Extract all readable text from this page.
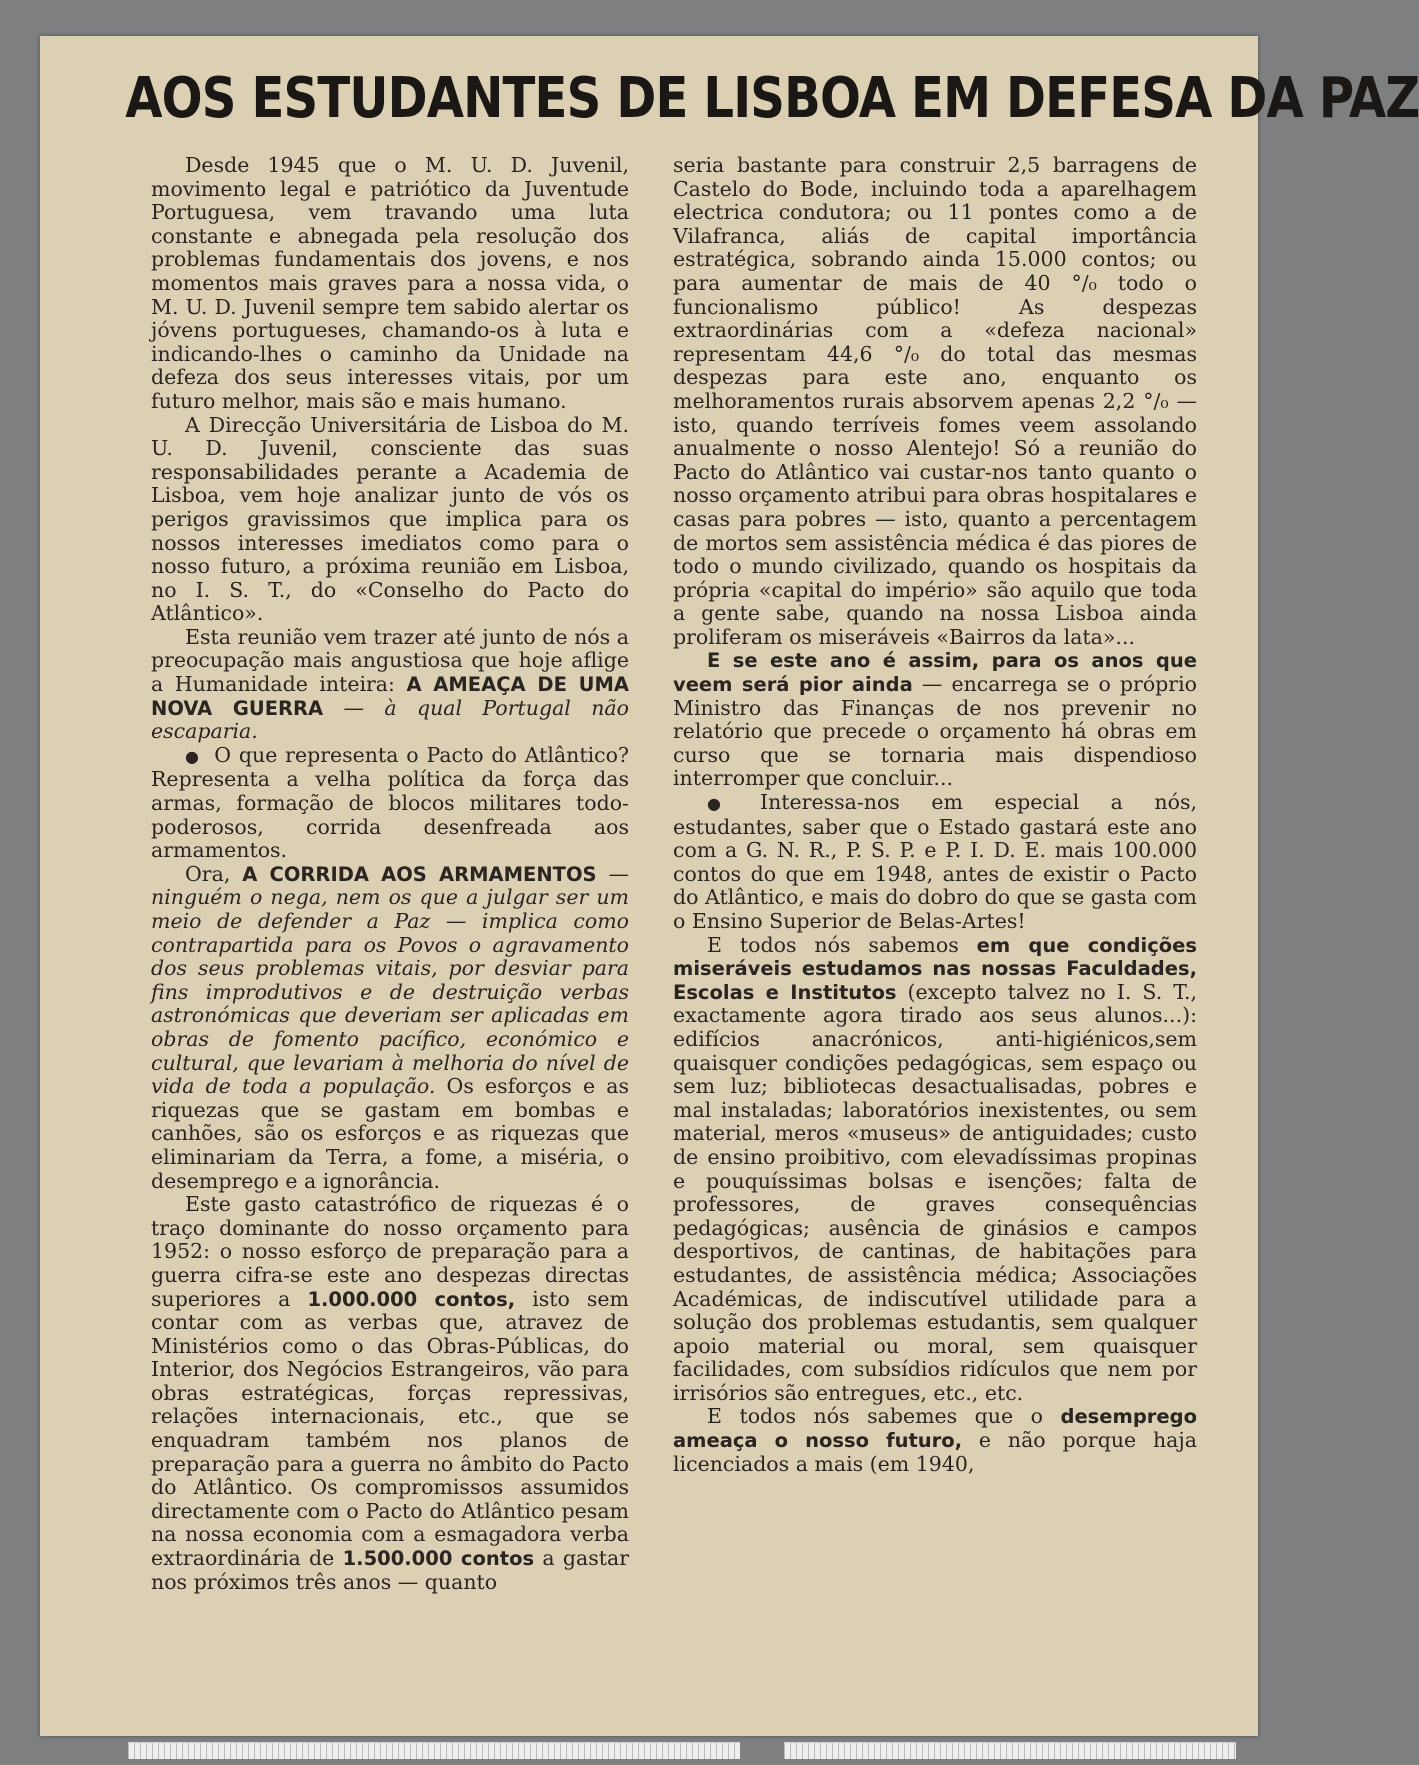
AOS ESTUDANTES DE LISBOA EM DEFESA DA PAZ

Desde 1945 que o M. U. D. Juvenil, movimento legal e patriótico da Juventude Portuguesa, vem travando uma luta constante e abnegada pela resolução dos problemas fundamentais dos jovens, e nos momentos mais graves para a nossa vida, o M. U. D. Juvenil sempre tem sabido alertar os jóvens portugueses, chamando-os à luta e indicando-lhes o caminho da Unidade na defeza dos seus interesses vitais, por um futuro melhor, mais são e mais humano.

A Direcção Universitária de Lisboa do M. U. D. Juvenil, consciente das suas responsabilidades perante a Academia de Lisboa, vem hoje analizar junto de vós os perigos gravissimos que implica para os nossos interesses imediatos como para o nosso futuro, a próxima reunião em Lisboa, no I. S. T., do «Conselho do Pacto do Atlântico».

Esta reunião vem trazer até junto de nós a preocupação mais angustiosa que hoje aflige a Humanidade inteira: A AMEAÇA DE UMA NOVA GUERRA — à qual Portugal não escaparia.

● O que representa o Pacto do Atlântico? Representa a velha política da força das armas, formação de blocos militares todo-poderosos, corrida desenfreada aos armamentos.

Ora, A CORRIDA AOS ARMAMENTOS — ninguém o nega, nem os que a julgar ser um meio de defender a Paz — implica como contrapartida para os Povos o agravamento dos seus problemas vitais, por desviar para fins improdutivos e de destruição verbas astronómicas que deveriam ser aplicadas em obras de fomento pacífico, económico e cultural, que levariam à melhoria do nível de vida de toda a população. Os esforços e as riquezas que se gastam em bombas e canhões, são os esforços e as riquezas que eliminariam da Terra, a fome, a miséria, o desemprego e a ignorância.

Este gasto catastrófico de riquezas é o traço dominante do nosso orçamento para 1952: o nosso esforço de preparação para a guerra cifra-se este ano despezas directas superiores a 1.000.000 contos, isto sem contar com as verbas que, atravez de Ministérios como o das Obras-Públicas, do Interior, dos Negócios Estrangeiros, vão para obras estratégicas, forças repressivas, relações internacionais, etc., que se enquadram também nos planos de preparação para a guerra no âmbito do Pacto do Atlântico. Os compromissos assumidos directamente com o Pacto do Atlântico pesam na nossa economia com a esmagadora verba extraordinária de 1.500.000 contos a gastar nos próximos três anos — quanto

seria bastante para construir 2,5 barragens de Castelo do Bode, incluindo toda a aparelhagem electrica condutora; ou 11 pontes como a de Vilafranca, aliás de capital importância estratégica, sobrando ainda 15.000 contos; ou para aumentar de mais de 40 °/₀ todo o funcionalismo público! As despezas extraordinárias com a «defeza nacional» representam 44,6 °/₀ do total das mesmas despezas para este ano, enquanto os melhoramentos rurais absorvem apenas 2,2 °/₀ — isto, quando terríveis fomes veem assolando anualmente o nosso Alentejo! Só a reunião do Pacto do Atlântico vai custar-nos tanto quanto o nosso orçamento atribui para obras hospitalares e casas para pobres — isto, quanto a percentagem de mortos sem assistência médica é das piores de todo o mundo civilizado, quando os hospitais da própria «capital do império» são aquilo que toda a gente sabe, quando na nossa Lisboa ainda proliferam os miseráveis «Bairros da lata»...

E se este ano é assim, para os anos que veem será pior ainda — encarrega se o próprio Ministro das Finanças de nos prevenir no relatório que precede o orçamento há obras em curso que se tornaria mais dispendioso interromper que concluir...

● Interessa-nos em especial a nós, estudantes, saber que o Estado gastará este ano com a G. N. R., P. S. P. e P. I. D. E. mais 100.000 contos do que em 1948, antes de existir o Pacto do Atlântico, e mais do dobro do que se gasta com o Ensino Superior de Belas-Artes!

E todos nós sabemos em que condições miseráveis estudamos nas nossas Faculdades, Escolas e Institutos (excepto talvez no I. S. T., exactamente agora tirado aos seus alunos...): edifícios anacrónicos, anti-higiénicos,sem quaisquer condições pedagógicas, sem espaço ou sem luz; bibliotecas desactualisadas, pobres e mal instaladas; laboratórios inexistentes, ou sem material, meros «museus» de antiguidades; custo de ensino proibitivo, com elevadíssimas propinas e pouquíssimas bolsas e isenções; falta de professores, de graves consequências pedagógicas; ausência de ginásios e campos desportivos, de cantinas, de habitações para estudantes, de assistência médica; Associações Académicas, de indiscutível utilidade para a solução dos problemas estudantis, sem qualquer apoio material ou moral, sem quaisquer facilidades, com subsídios ridículos que nem por irrisórios são entregues, etc., etc.

E todos nós sabemes que o desemprego ameaça o nosso futuro, e não porque haja licenciados a mais (em 1940,
